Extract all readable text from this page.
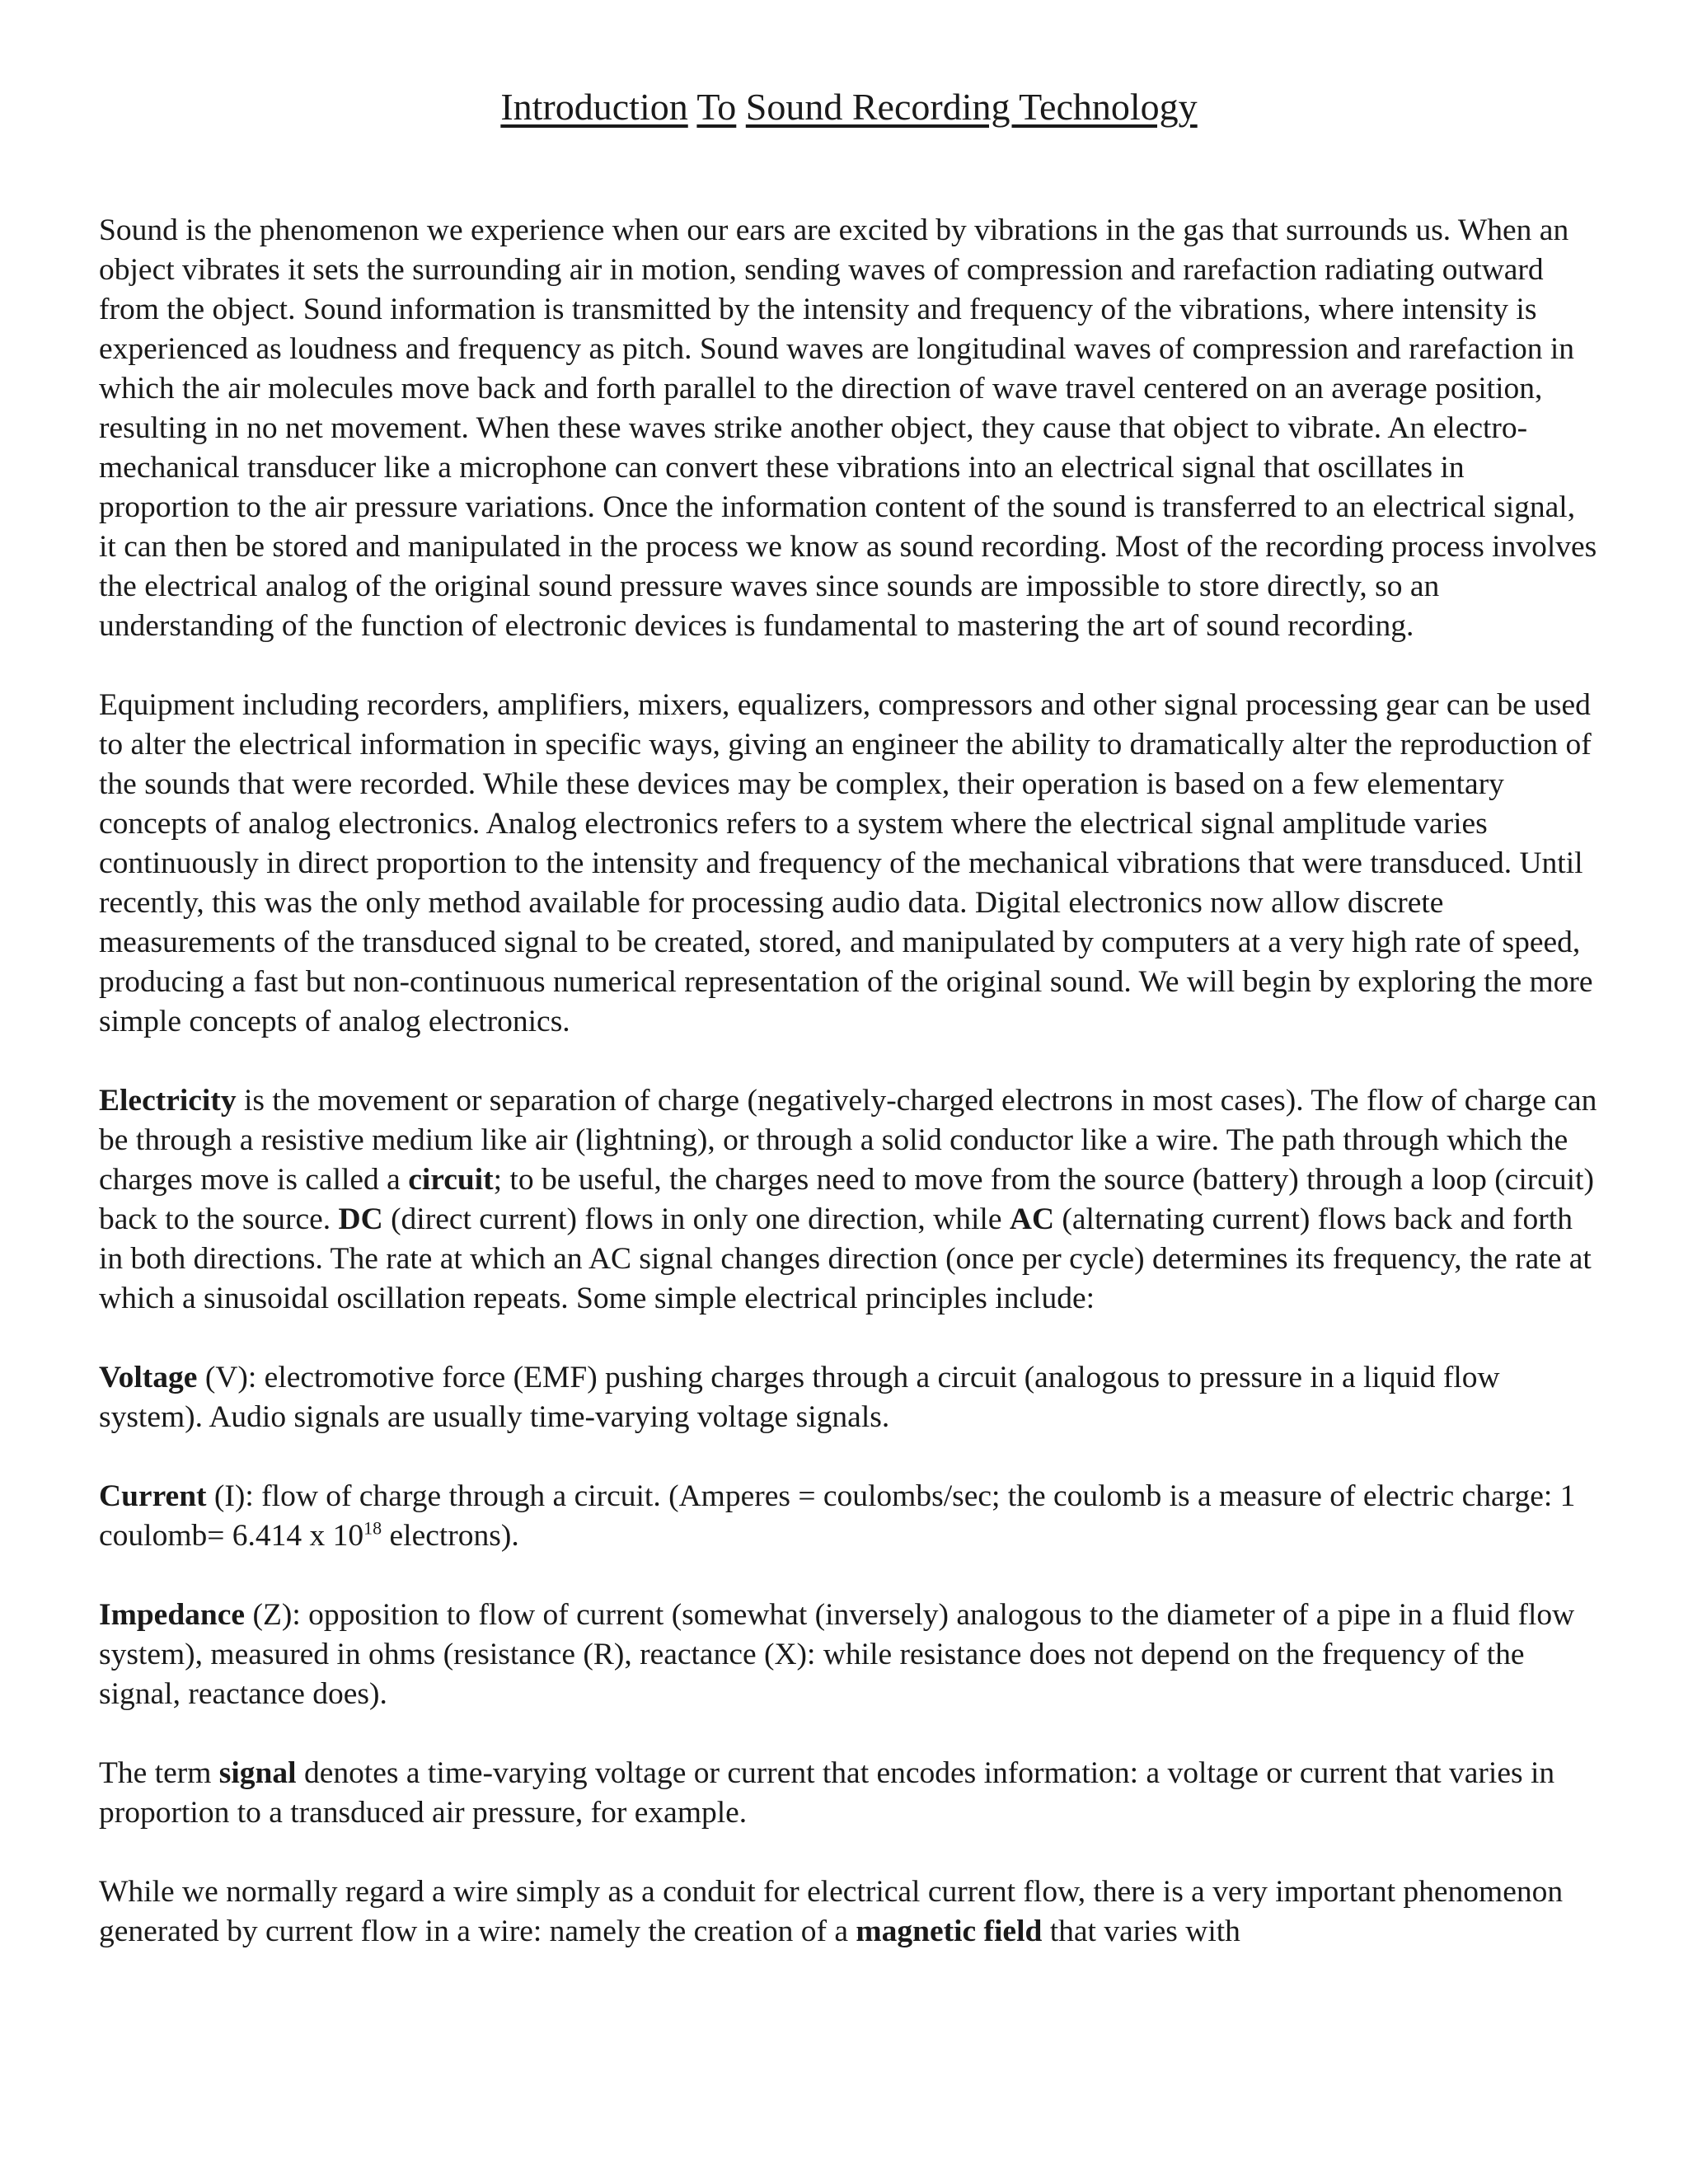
Introduction To Sound Recording Technology

Sound is the phenomenon we experience when our ears are excited by vibrations in the gas that surrounds us. When an object vibrates it sets the surrounding air in motion, sending waves of compression and rarefaction radiating outward from the object. Sound information is transmitted by the intensity and frequency of the vibrations, where intensity is experienced as loudness and frequency as pitch. Sound waves are longitudinal waves of compression and rarefaction in which the air molecules move back and forth parallel to the direction of wave travel centered on an average position, resulting in no net movement. When these waves strike another object, they cause that object to vibrate. An electro-mechanical transducer like a microphone can convert these vibrations into an electrical signal that oscillates in proportion to the air pressure variations. Once the information content of the sound is transferred to an electrical signal, it can then be stored and manipulated in the process we know as sound recording. Most of the recording process involves the electrical analog of the original sound pressure waves since sounds are impossible to store directly, so an understanding of the function of electronic devices is fundamental to mastering the art of sound recording.

Equipment including recorders, amplifiers, mixers, equalizers, compressors and other signal processing gear can be used to alter the electrical information in specific ways, giving an engineer the ability to dramatically alter the reproduction of the sounds that were recorded. While these devices may be complex, their operation is based on a few elementary concepts of analog electronics. Analog electronics refers to a system where the electrical signal amplitude varies continuously in direct proportion to the intensity and frequency of the mechanical vibrations that were transduced. Until recently, this was the only method available for processing audio data. Digital electronics now allow discrete measurements of the transduced signal to be created, stored, and manipulated by computers at a very high rate of speed, producing a fast but non-continuous numerical representation of the original sound. We will begin by exploring the more simple concepts of analog electronics.

Electricity is the movement or separation of charge (negatively-charged electrons in most cases). The flow of charge can be through a resistive medium like air (lightning), or through a solid conductor like a wire. The path through which the charges move is called a circuit; to be useful, the charges need to move from the source (battery) through a loop (circuit) back to the source. DC (direct current) flows in only one direction, while AC (alternating current) flows back and forth in both directions. The rate at which an AC signal changes direction (once per cycle) determines its frequency, the rate at which a sinusoidal oscillation repeats. Some simple electrical principles include:

Voltage (V): electromotive force (EMF) pushing charges through a circuit (analogous to pressure in a liquid flow system). Audio signals are usually time-varying voltage signals.

Current (I): flow of charge through a circuit. (Amperes = coulombs/sec; the coulomb is a measure of electric charge: 1 coulomb= 6.414 x $10^{18}$ electrons).

Impedance (Z): opposition to flow of current (somewhat (inversely) analogous to the diameter of a pipe in a fluid flow system), measured in ohms (resistance (R), reactance (X): while resistance does not depend on the frequency of the signal, reactance does).

The term signal denotes a time-varying voltage or current that encodes information: a voltage or current that varies in proportion to a transduced air pressure, for example.

While we normally regard a wire simply as a conduit for electrical current flow, there is a very important phenomenon generated by current flow in a wire: namely the creation of a magnetic field that varies with
